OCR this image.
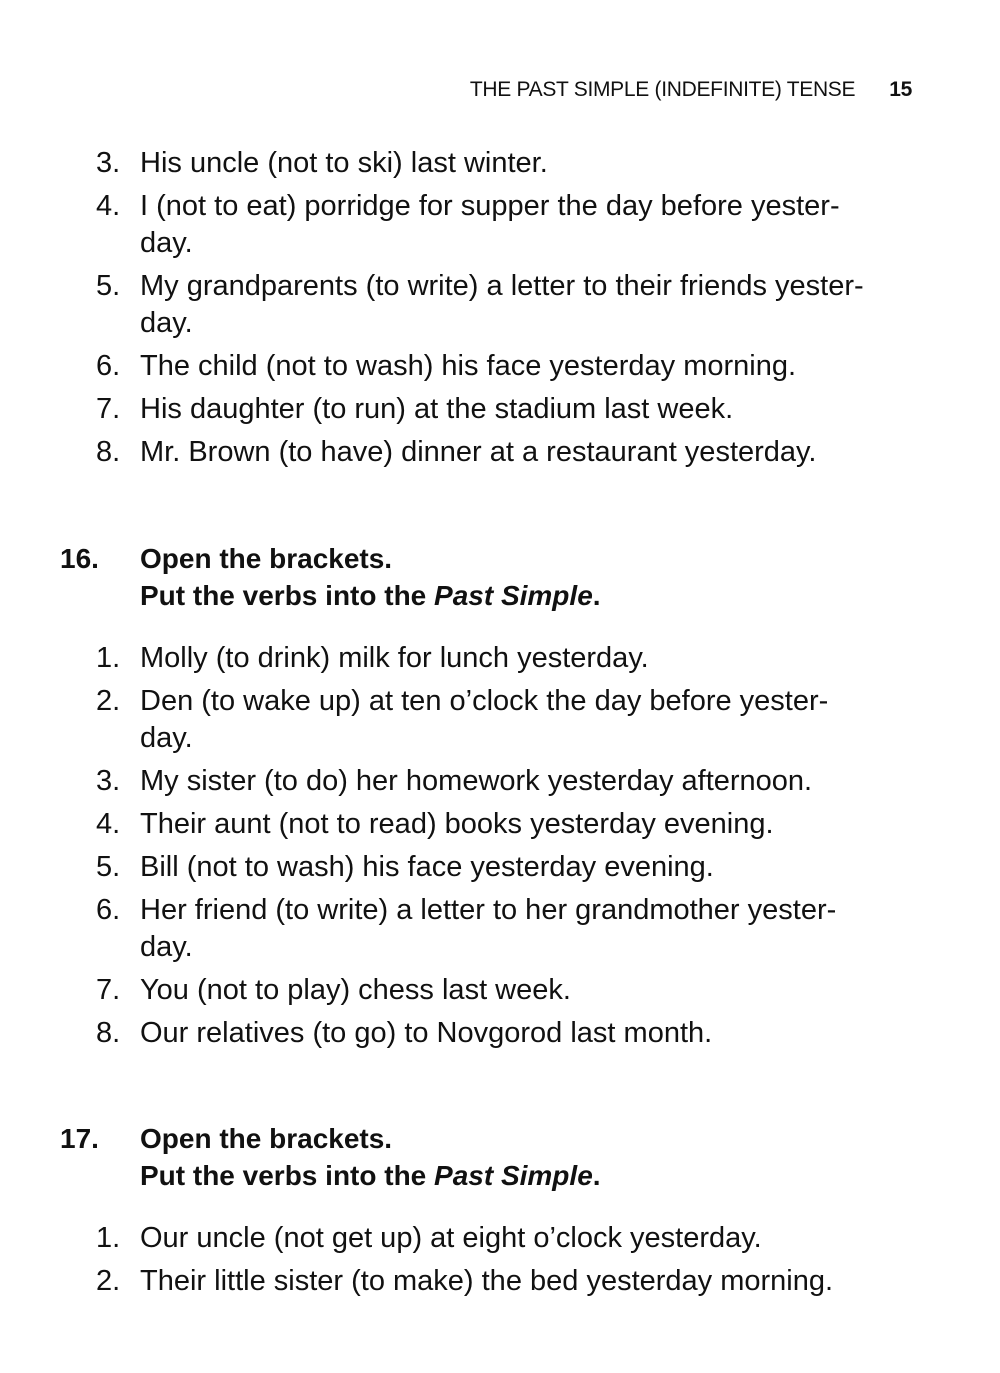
THE PAST SIMPLE (INDEFINITE) TENSE 15
3. His uncle (not to ski) last winter.
4. I (not to eat) porridge for supper the day before yester-
day.
5. My grandparents (to write) a letter to their friends yester-
day.
6. The child (not to wash) his face yesterday morning.
7. His daughter (to run) at the stadium last week.
8. Mr. Brown (to have) dinner at a restaurant yesterday.
16. Open the brackets.
Put the verbs into the Past Simple.
1. Molly (to drink) milk for lunch yesterday.
2. Den (to wake up) at ten o’clock the day before yester-
day.
3. My sister (to do) her homework yesterday afternoon.
4. Their aunt (not to read) books yesterday evening.
5. Bill (not to wash) his face yesterday evening.
6. Her friend (to write) a letter to her grandmother yester-
day.
7. You (not to play) chess last week.
8. Our relatives (to go) to Novgorod last month.
17. Open the brackets.
Put the verbs into the Past Simple.
1. Our uncle (not get up) at eight o’clock yesterday.
2. Their little sister (to make) the bed yesterday morning.
